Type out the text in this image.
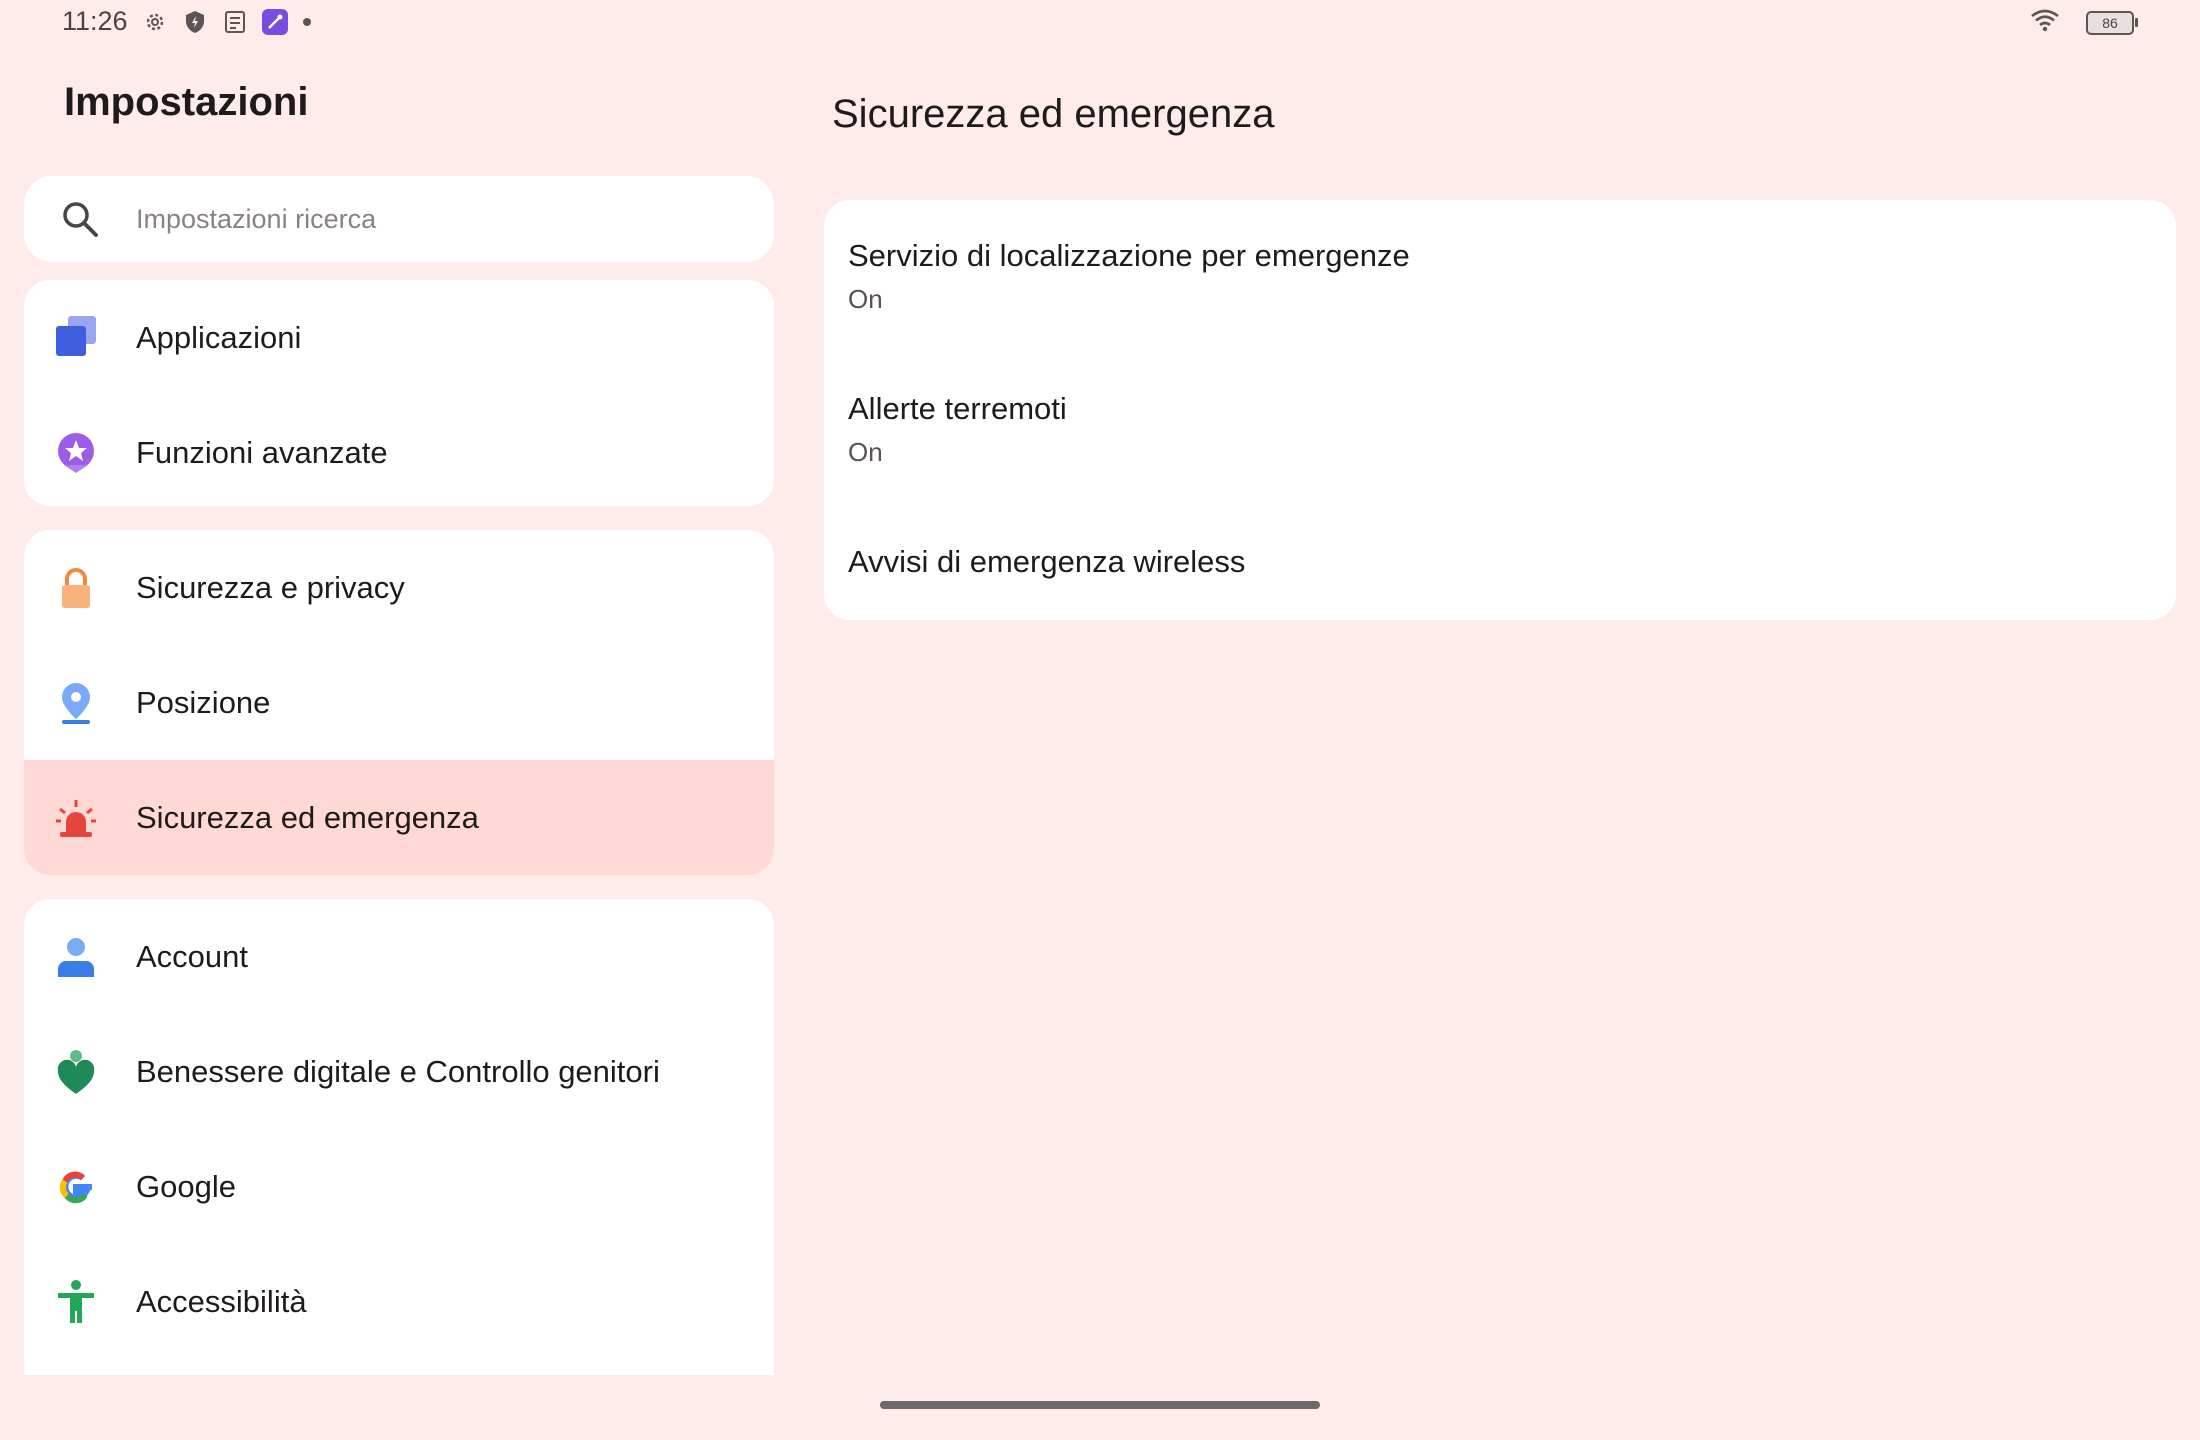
11:26	86
Impostazioni
Impostazioni ricerca
Applicazioni
Funzioni avanzate
Sicurezza e privacy
Posizione
Sicurezza ed emergenza
Account
Benessere digitale e Controllo genitori
Google
Accessibilità
Sicurezza ed emergenza
Servizio di localizzazione per emergenze
On
Allerte terremoti
On
Avvisi di emergenza wireless
